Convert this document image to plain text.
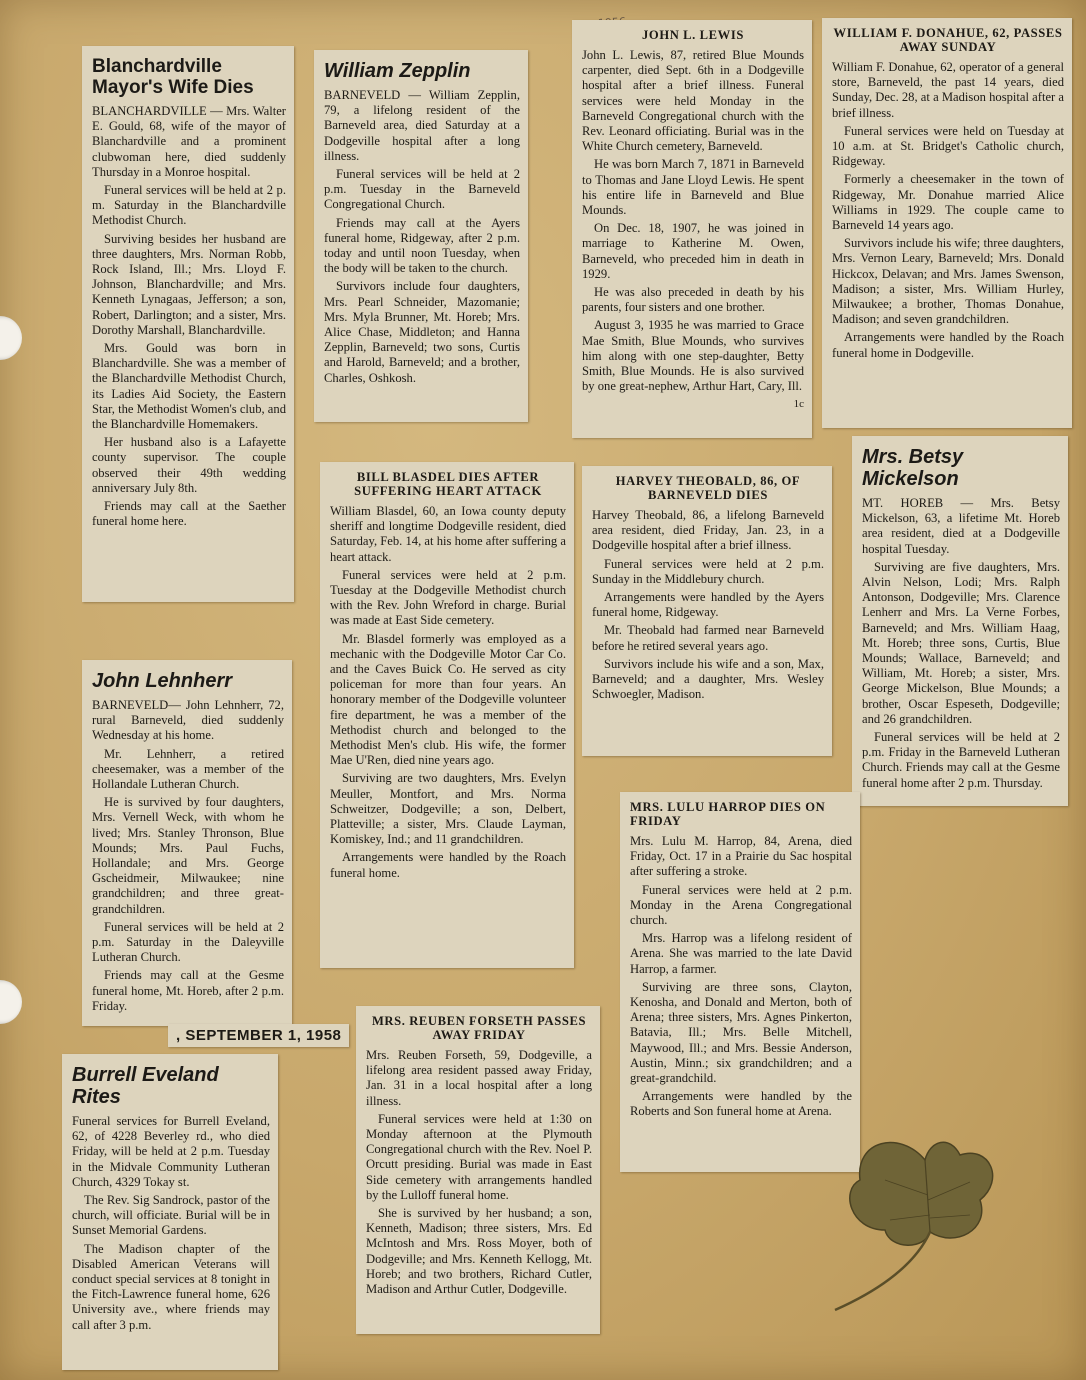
Blanchardville Mayor's Wife Dies

BLANCHARDVILLE — Mrs. Walter E. Gould, 68, wife of the mayor of Blanchardville and a prominent clubwoman here, died suddenly Thursday in a Monroe hospital.

Funeral services will be held at 2 p. m. Saturday in the Blanchardville Methodist Church.

Surviving besides her husband are three daughters, Mrs. Norman Robb, Rock Island, Ill.; Mrs. Lloyd F. Johnson, Blanchardville; and Mrs. Kenneth Lynagaas, Jefferson; a son, Robert, Darlington; and a sister, Mrs. Dorothy Marshall, Blanchardville.

Mrs. Gould was born in Blanchardville. She was a member of the Blanchardville Methodist Church, its Ladies Aid Society, the Eastern Star, the Methodist Women's club, and the Blanchardville Homemakers.

Her husband also is a Lafayette county supervisor. The couple observed their 49th wedding anniversary July 8th.

Friends may call at the Saether funeral home here.

William Zepplin

BARNEVELD — William Zepplin, 79, a lifelong resident of the Barneveld area, died Saturday at a Dodgeville hospital after a long illness.

Funeral services will be held at 2 p.m. Tuesday in the Barneveld Congregational Church.

Friends may call at the Ayers funeral home, Ridgeway, after 2 p.m. today and until noon Tuesday, when the body will be taken to the church.

Survivors include four daughters, Mrs. Pearl Schneider, Mazomanie; Mrs. Myla Brunner, Mt. Horeb; Mrs. Alice Chase, Middleton; and Hanna Zepplin, Barneveld; two sons, Curtis and Harold, Barneveld; and a brother, Charles, Oshkosh.

JOHN L. LEWIS

John L. Lewis, 87, retired Blue Mounds carpenter, died Sept. 6th in a Dodgeville hospital after a brief illness. Funeral services were held Monday in the Barneveld Congregational church with the Rev. Leonard officiating. Burial was in the White Church cemetery, Barneveld.

He was born March 7, 1871 in Barneveld to Thomas and Jane Lloyd Lewis. He spent his entire life in Barneveld and Blue Mounds.

On Dec. 18, 1907, he was joined in marriage to Katherine M. Owen, Barneveld, who preceded him in death in 1929.

He was also preceded in death by his parents, four sisters and one brother.

August 3, 1935 he was married to Grace Mae Smith, Blue Mounds, who survives him along with one step-daughter, Betty Smith, Blue Mounds. He is also survived by one great-nephew, Arthur Hart, Cary, Ill.

1c
WILLIAM F. DONAHUE, 62, PASSES AWAY SUNDAY

William F. Donahue, 62, operator of a general store, Barneveld, the past 14 years, died Sunday, Dec. 28, at a Madison hospital after a brief illness.

Funeral services were held on Tuesday at 10 a.m. at St. Bridget's Catholic church, Ridgeway.

Formerly a cheesemaker in the town of Ridgeway, Mr. Donahue married Alice Williams in 1929. The couple came to Barneveld 14 years ago.

Survivors include his wife; three daughters, Mrs. Vernon Leary, Barneveld; Mrs. Donald Hickcox, Delavan; and Mrs. James Swenson, Madison; a sister, Mrs. William Hurley, Milwaukee; a brother, Thomas Donahue, Madison; and seven grandchildren.

Arrangements were handled by the Roach funeral home in Dodgeville.

Mrs. Betsy Mickelson

MT. HOREB — Mrs. Betsy Mickelson, 63, a lifetime Mt. Horeb area resident, died at a Dodgeville hospital Tuesday.

Surviving are five daughters, Mrs. Alvin Nelson, Lodi; Mrs. Ralph Antonson, Dodgeville; Mrs. Clarence Lenherr and Mrs. La Verne Forbes, Barneveld; and Mrs. William Haag, Mt. Horeb; three sons, Curtis, Blue Mounds; Wallace, Barneveld; and William, Mt. Horeb; a sister, Mrs. George Mickelson, Blue Mounds; a brother, Oscar Espeseth, Dodgeville; and 26 grandchildren.

Funeral services will be held at 2 p.m. Friday in the Barneveld Lutheran Church. Friends may call at the Gesme funeral home after 2 p.m. Thursday.

BILL BLASDEL DIES AFTER SUFFERING HEART ATTACK

William Blasdel, 60, an Iowa county deputy sheriff and longtime Dodgeville resident, died Saturday, Feb. 14, at his home after suffering a heart attack.

Funeral services were held at 2 p.m. Tuesday at the Dodgeville Methodist church with the Rev. John Wreford in charge. Burial was made at East Side cemetery.

Mr. Blasdel formerly was employed as a mechanic with the Dodgeville Motor Car Co. and the Caves Buick Co. He served as city policeman for more than four years. An honorary member of the Dodgeville volunteer fire department, he was a member of the Methodist church and belonged to the Methodist Men's club. His wife, the former Mae U'Ren, died nine years ago.

Surviving are two daughters, Mrs. Evelyn Meuller, Montfort, and Mrs. Norma Schweitzer, Dodgeville; a son, Delbert, Platteville; a sister, Mrs. Claude Layman, Komiskey, Ind.; and 11 grandchildren.

Arrangements were handled by the Roach funeral home.

HARVEY THEOBALD, 86, OF BARNEVELD DIES

Harvey Theobald, 86, a lifelong Barneveld area resident, died Friday, Jan. 23, in a Dodgeville hospital after a brief illness.

Funeral services were held at 2 p.m. Sunday in the Middlebury church.

Arrangements were handled by the Ayers funeral home, Ridgeway.

Mr. Theobald had farmed near Barneveld before he retired several years ago.

Survivors include his wife and a son, Max, Barneveld; and a daughter, Mrs. Wesley Schwoegler, Madison.

John Lehnherr

BARNEVELD— John Lehnherr, 72, rural Barneveld, died suddenly Wednesday at his home.

Mr. Lehnherr, a retired cheesemaker, was a member of the Hollandale Lutheran Church.

He is survived by four daughters, Mrs. Vernell Weck, with whom he lived; Mrs. Stanley Thronson, Blue Mounds; Mrs. Paul Fuchs, Hollandale; and Mrs. George Gscheidmeir, Milwaukee; nine grandchildren; and three great-grandchildren.

Funeral services will be held at 2 p.m. Saturday in the Daleyville Lutheran Church.

Friends may call at the Gesme funeral home, Mt. Horeb, after 2 p.m. Friday.

, SEPTEMBER 1, 1958
MRS. LULU HARROP DIES ON FRIDAY

Mrs. Lulu M. Harrop, 84, Arena, died Friday, Oct. 17 in a Prairie du Sac hospital after suffering a stroke.

Funeral services were held at 2 p.m. Monday in the Arena Congregational church.

Mrs. Harrop was a lifelong resident of Arena. She was married to the late David Harrop, a farmer.

Surviving are three sons, Clayton, Kenosha, and Donald and Merton, both of Arena; three sisters, Mrs. Agnes Pinkerton, Batavia, Ill.; Mrs. Belle Mitchell, Maywood, Ill.; and Mrs. Bessie Anderson, Austin, Minn.; six grandchildren; and a great-grandchild.

Arrangements were handled by the Roberts and Son funeral home at Arena.

Burrell Eveland Rites

Funeral services for Burrell Eveland, 62, of 4228 Beverley rd., who died Friday, will be held at 2 p.m. Tuesday in the Midvale Community Lutheran Church, 4329 Tokay st.

The Rev. Sig Sandrock, pastor of the church, will officiate. Burial will be in Sunset Memorial Gardens.

The Madison chapter of the Disabled American Veterans will conduct special services at 8 tonight in the Fitch-Lawrence funeral home, 626 University ave., where friends may call after 3 p.m.

MRS. REUBEN FORSETH PASSES AWAY FRIDAY

Mrs. Reuben Forseth, 59, Dodgeville, a lifelong area resident passed away Friday, Jan. 31 in a local hospital after a long illness.

Funeral services were held at 1:30 on Monday afternoon at the Plymouth Congregational church with the Rev. Noel P. Orcutt presiding. Burial was made in East Side cemetery with arrangements handled by the Lulloff funeral home.

She is survived by her husband; a son, Kenneth, Madison; three sisters, Mrs. Ed McIntosh and Mrs. Ross Moyer, both of Dodgeville; and Mrs. Kenneth Kellogg, Mt. Horeb; and two brothers, Richard Cutler, Madison and Arthur Cutler, Dodgeville.
